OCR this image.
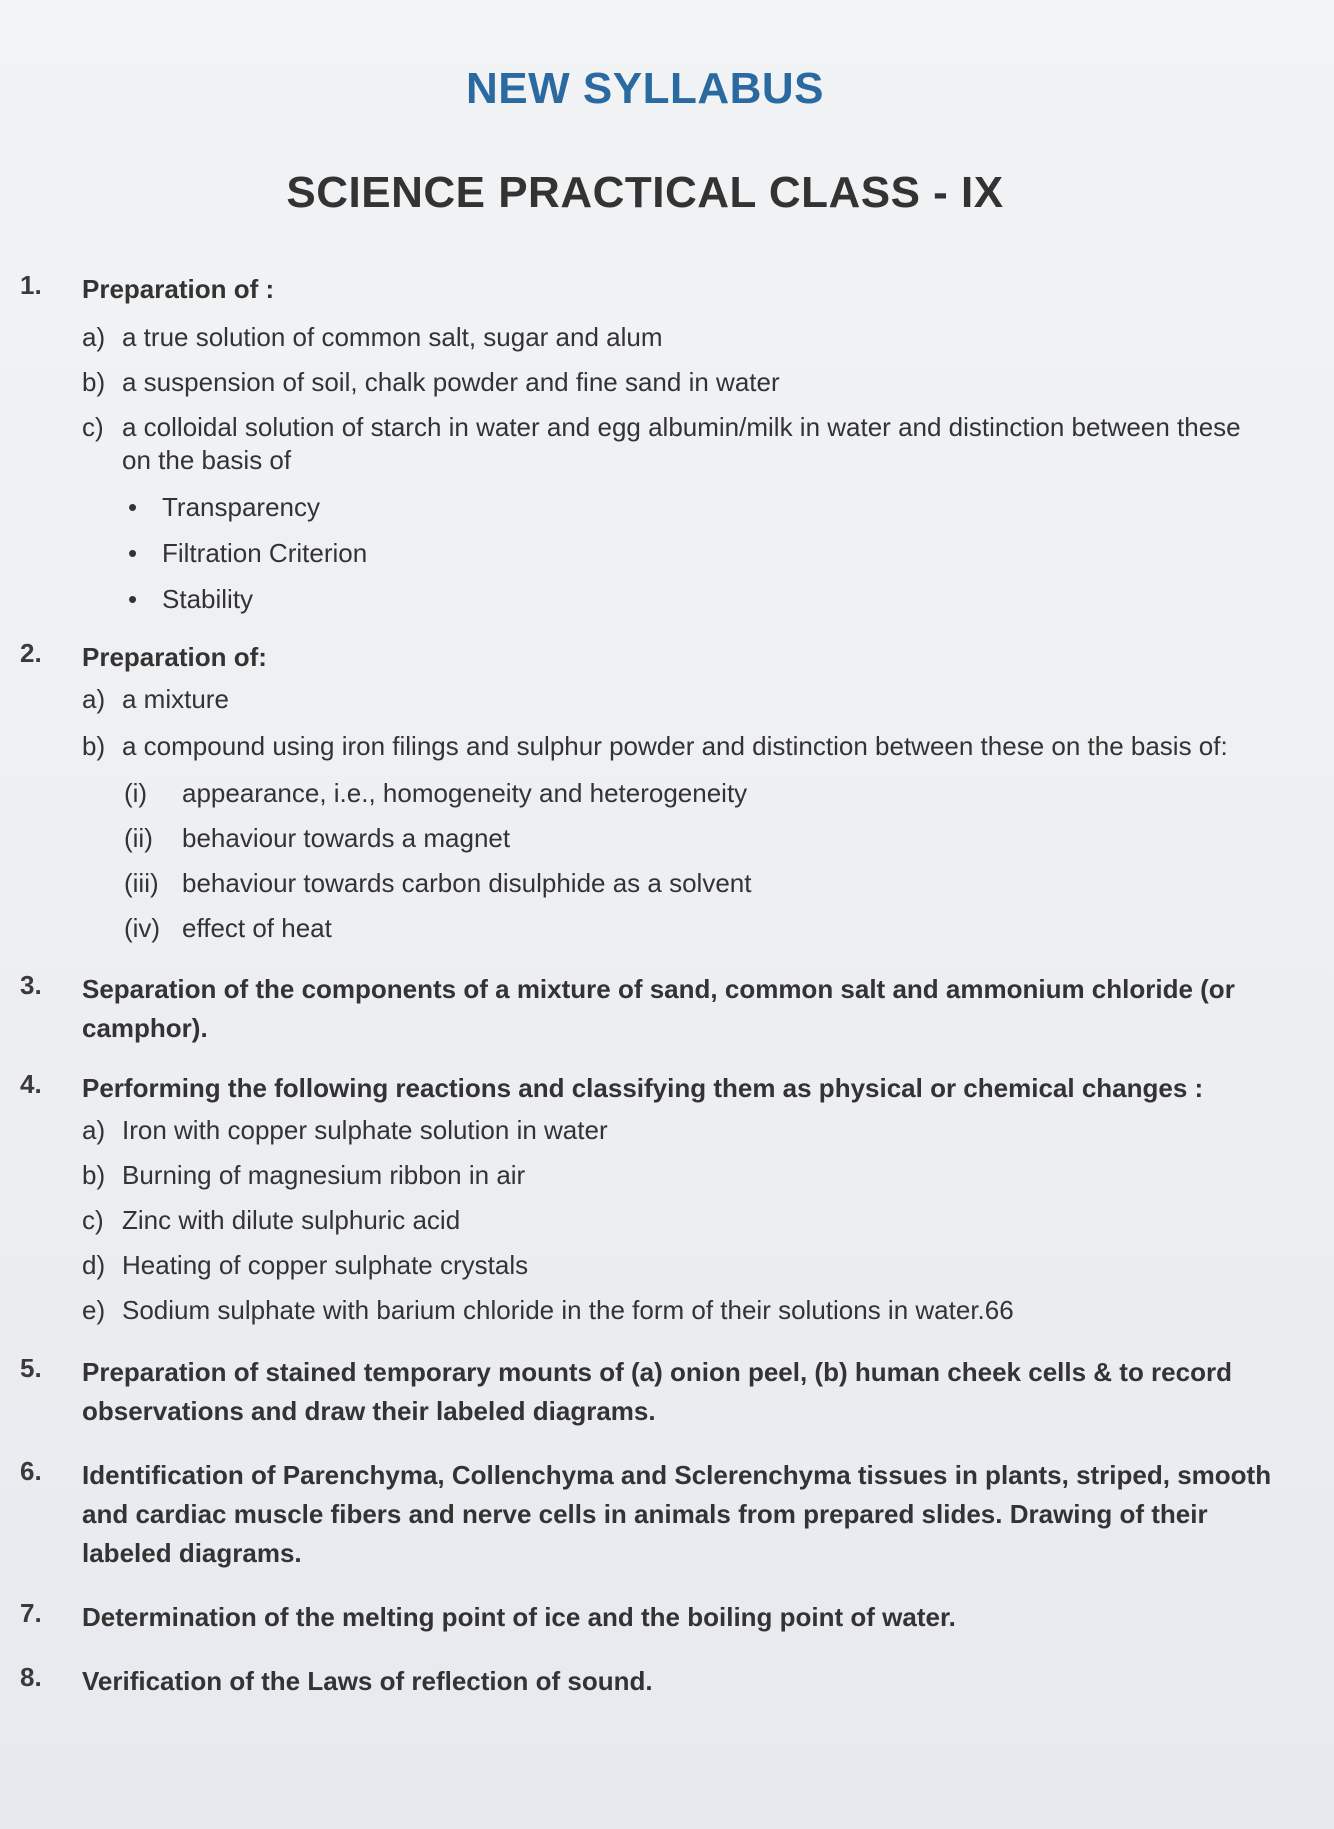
NEW SYLLABUS
SCIENCE PRACTICAL CLASS - IX
1. Preparation of :
a) a true solution of common salt, sugar and alum
b) a suspension of soil, chalk powder and fine sand in water
c) a colloidal solution of starch in water and egg albumin/milk in water and distinction between these on the basis of
• Transparency
• Filtration Criterion
• Stability
2. Preparation of:
a) a mixture
b) a compound using iron filings and sulphur powder and distinction between these on the basis of:
(i) appearance, i.e., homogeneity and heterogeneity
(ii) behaviour towards a magnet
(iii) behaviour towards carbon disulphide as a solvent
(iv) effect of heat
3. Separation of the components of a mixture of sand, common salt and ammonium chloride (or camphor).
4. Performing the following reactions and classifying them as physical or chemical changes :
a) Iron with copper sulphate solution in water
b) Burning of magnesium ribbon in air
c) Zinc with dilute sulphuric acid
d) Heating of copper sulphate crystals
e) Sodium sulphate with barium chloride in the form of their solutions in water.66
5. Preparation of stained temporary mounts of (a) onion peel, (b) human cheek cells & to record observations and draw their labeled diagrams.
6. Identification of Parenchyma, Collenchyma and Sclerenchyma tissues in plants, striped, smooth and cardiac muscle fibers and nerve cells in animals from prepared slides. Drawing of their labeled diagrams.
7. Determination of the melting point of ice and the boiling point of water.
8. Verification of the Laws of reflection of sound.
